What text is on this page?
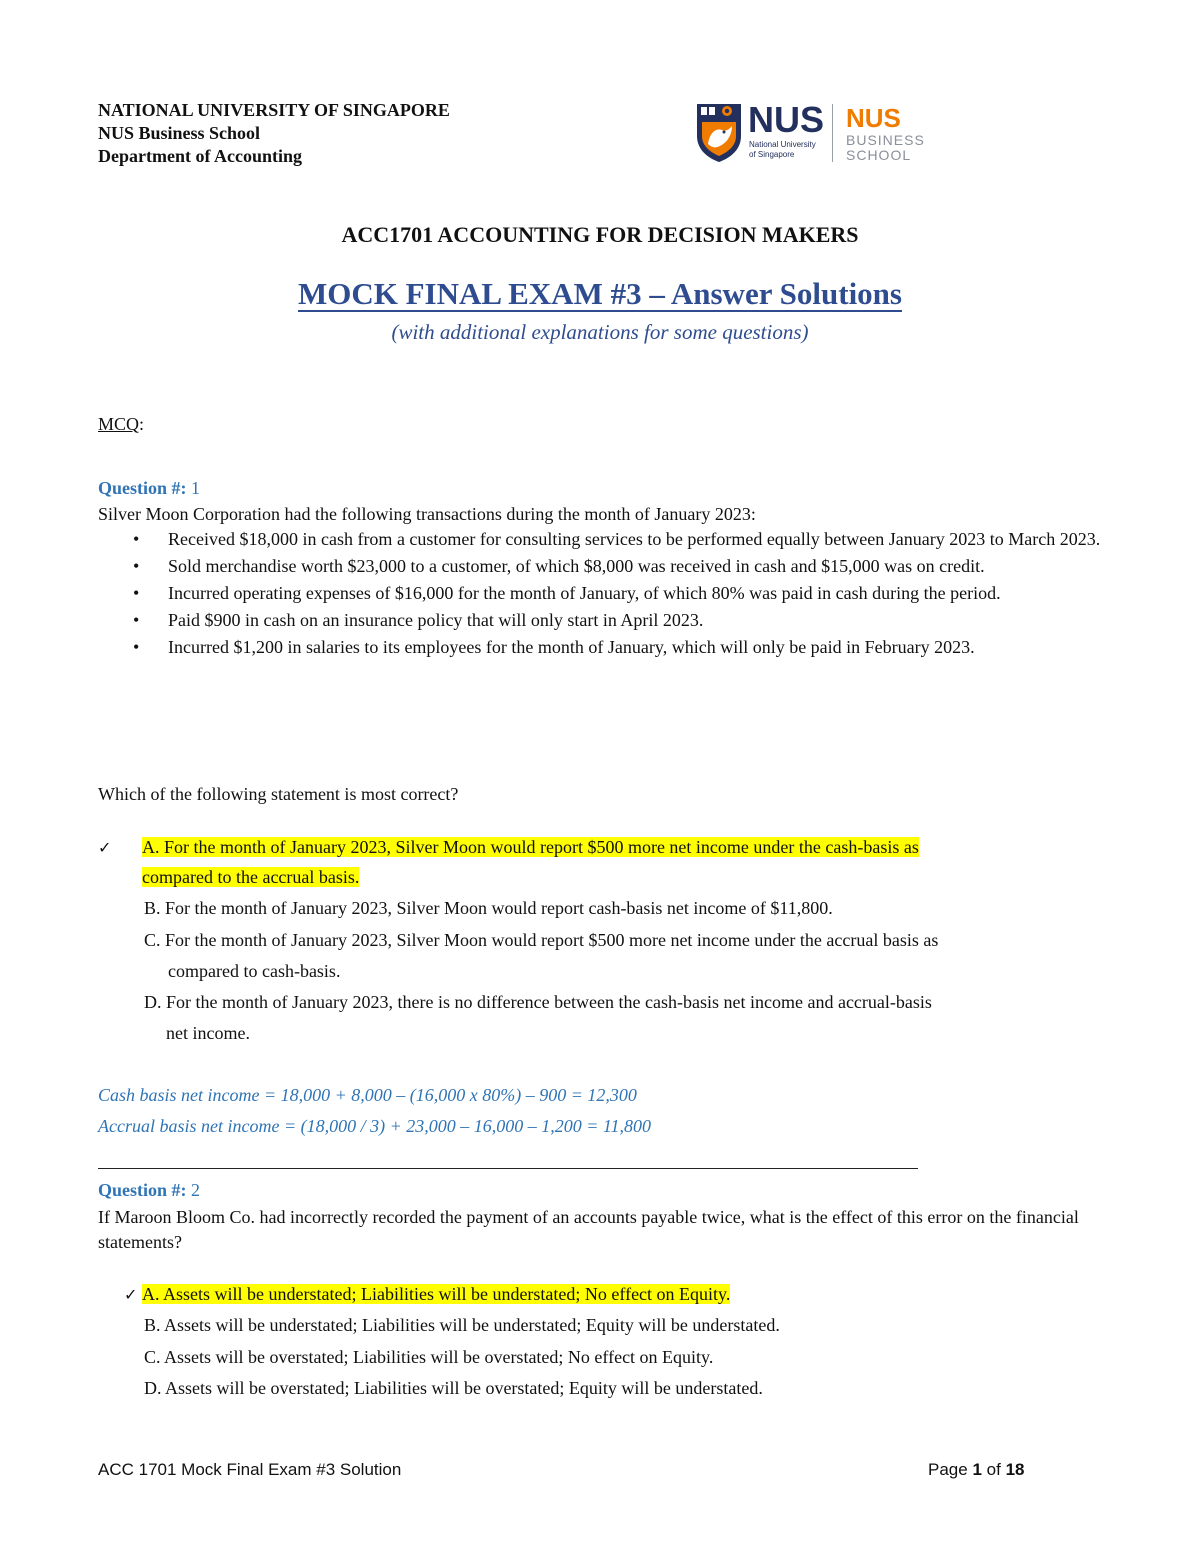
NATIONAL UNIVERSITY OF SINGAPORE
NUS Business School
Department of Accounting
NUS
National University
of Singapore
NUS
BUSINESS
SCHOOL
ACC1701 ACCOUNTING FOR DECISION MAKERS
MOCK FINAL EXAM #3 – Answer Solutions
(with additional explanations for some questions)
MCQ:
Question #: 1
Silver Moon Corporation had the following transactions during the month of January 2023:
• Received $18,000 in cash from a customer for consulting services to be performed equally between January 2023 to March 2023.
• Sold merchandise worth $23,000 to a customer, of which $8,000 was received in cash and $15,000 was on credit.
• Incurred operating expenses of $16,000 for the month of January, of which 80% was paid in cash during the period.
• Paid $900 in cash on an insurance policy that will only start in April 2023.
• Incurred $1,200 in salaries to its employees for the month of January, which will only be paid in February 2023.
Which of the following statement is most correct?
✓ A. For the month of January 2023, Silver Moon would report $500 more net income under the cash-basis as
compared to the accrual basis.
B. For the month of January 2023, Silver Moon would report cash-basis net income of $11,800.
C. For the month of January 2023, Silver Moon would report $500 more net income under the accrual basis as
compared to cash-basis.
D. For the month of January 2023, there is no difference between the cash-basis net income and accrual-basis
net income.
Cash basis net income = 18,000 + 8,000 – (16,000 x 80%) – 900 = 12,300
Accrual basis net income = (18,000 / 3) + 23,000 – 16,000 – 1,200 = 11,800
Question #: 2
If Maroon Bloom Co. had incorrectly recorded the payment of an accounts payable twice, what is the effect of this error on the financial statements?
✓ A. Assets will be understated; Liabilities will be understated; No effect on Equity.
B. Assets will be understated; Liabilities will be understated; Equity will be understated.
C. Assets will be overstated; Liabilities will be overstated; No effect on Equity.
D. Assets will be overstated; Liabilities will be overstated; Equity will be understated.
ACC 1701 Mock Final Exam #3 Solution	Page 1 of 18
